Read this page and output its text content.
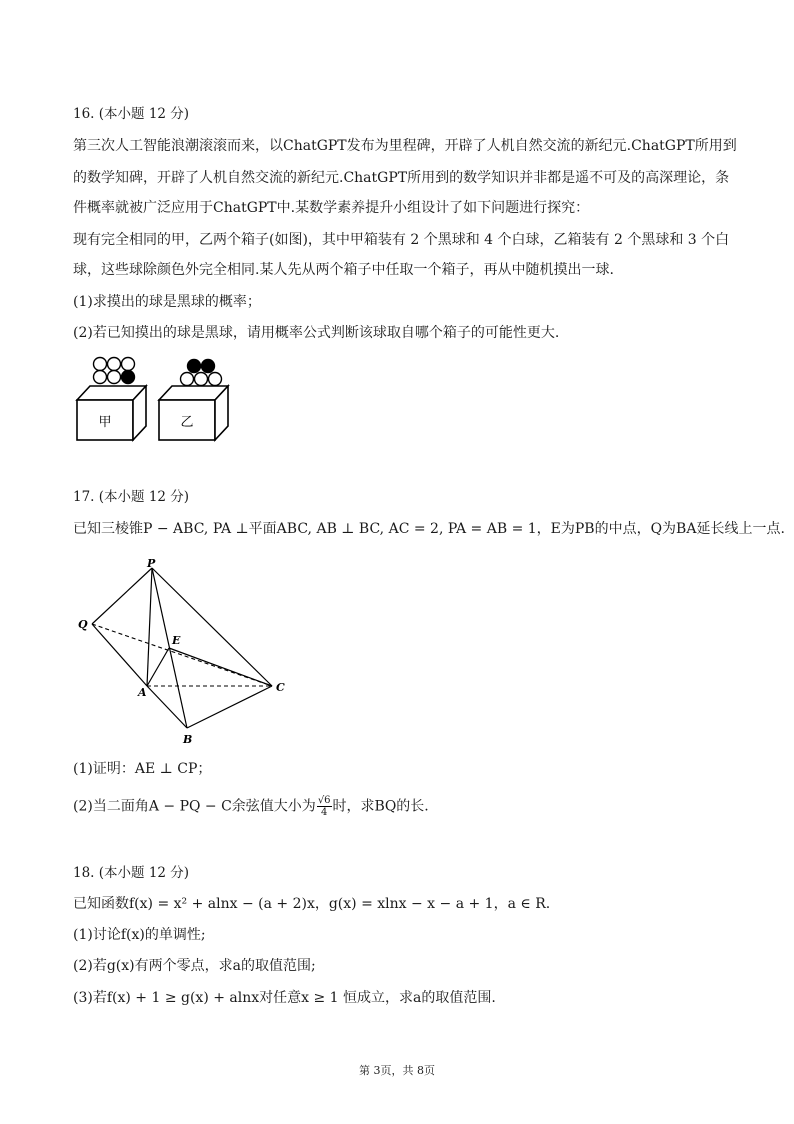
16. (本小题 12 分)
第三次人工智能浪潮滚滚而来，以ChatGPT发布为里程碑，开辟了人机自然交流的新纪元.ChatGPT所用到
的数学知碑，开辟了人机自然交流的新纪元.ChatGPT所用到的数学知识并非都是遥不可及的高深理论，条
件概率就被广泛应用于ChatGPT中.某数学素养提升小组设计了如下问题进行探究：
现有完全相同的甲，乙两个箱子(如图)，其中甲箱装有 2 个黑球和 4 个白球，乙箱装有 2 个黑球和 3 个白
球，这些球除颜色外完全相同.某人先从两个箱子中任取一个箱子，再从中随机摸出一球.
(1)求摸出的球是黑球的概率；
(2)若已知摸出的球是黑球，请用概率公式判断该球取自哪个箱子的可能性更大.
甲	乙
17. (本小题 12 分)
已知三棱锥P − ABC, PA ⊥平面ABC, AB ⊥ BC, AC = 2, PA = AB = 1，E为PB的中点，Q为BA延长线上一点.
P
Q
E
A	C
B
(1)证明：AE ⊥ CP；
(2)当二面角A − PQ − C余弦值大小为 $\frac{√6}{4}$ 时，求BQ的长.
18. (本小题 12 分)
已知函数f(x) = x² + alnx − (a + 2)x，g(x) = xlnx − x − a + 1，a ∈ R.
(1)讨论f(x)的单调性;
(2)若g(x)有两个零点，求a的取值范围;
(3)若f(x) + 1 ≥ g(x) + alnx对任意x ≥ 1 恒成立，求a的取值范围.
第 3页，共 8页
